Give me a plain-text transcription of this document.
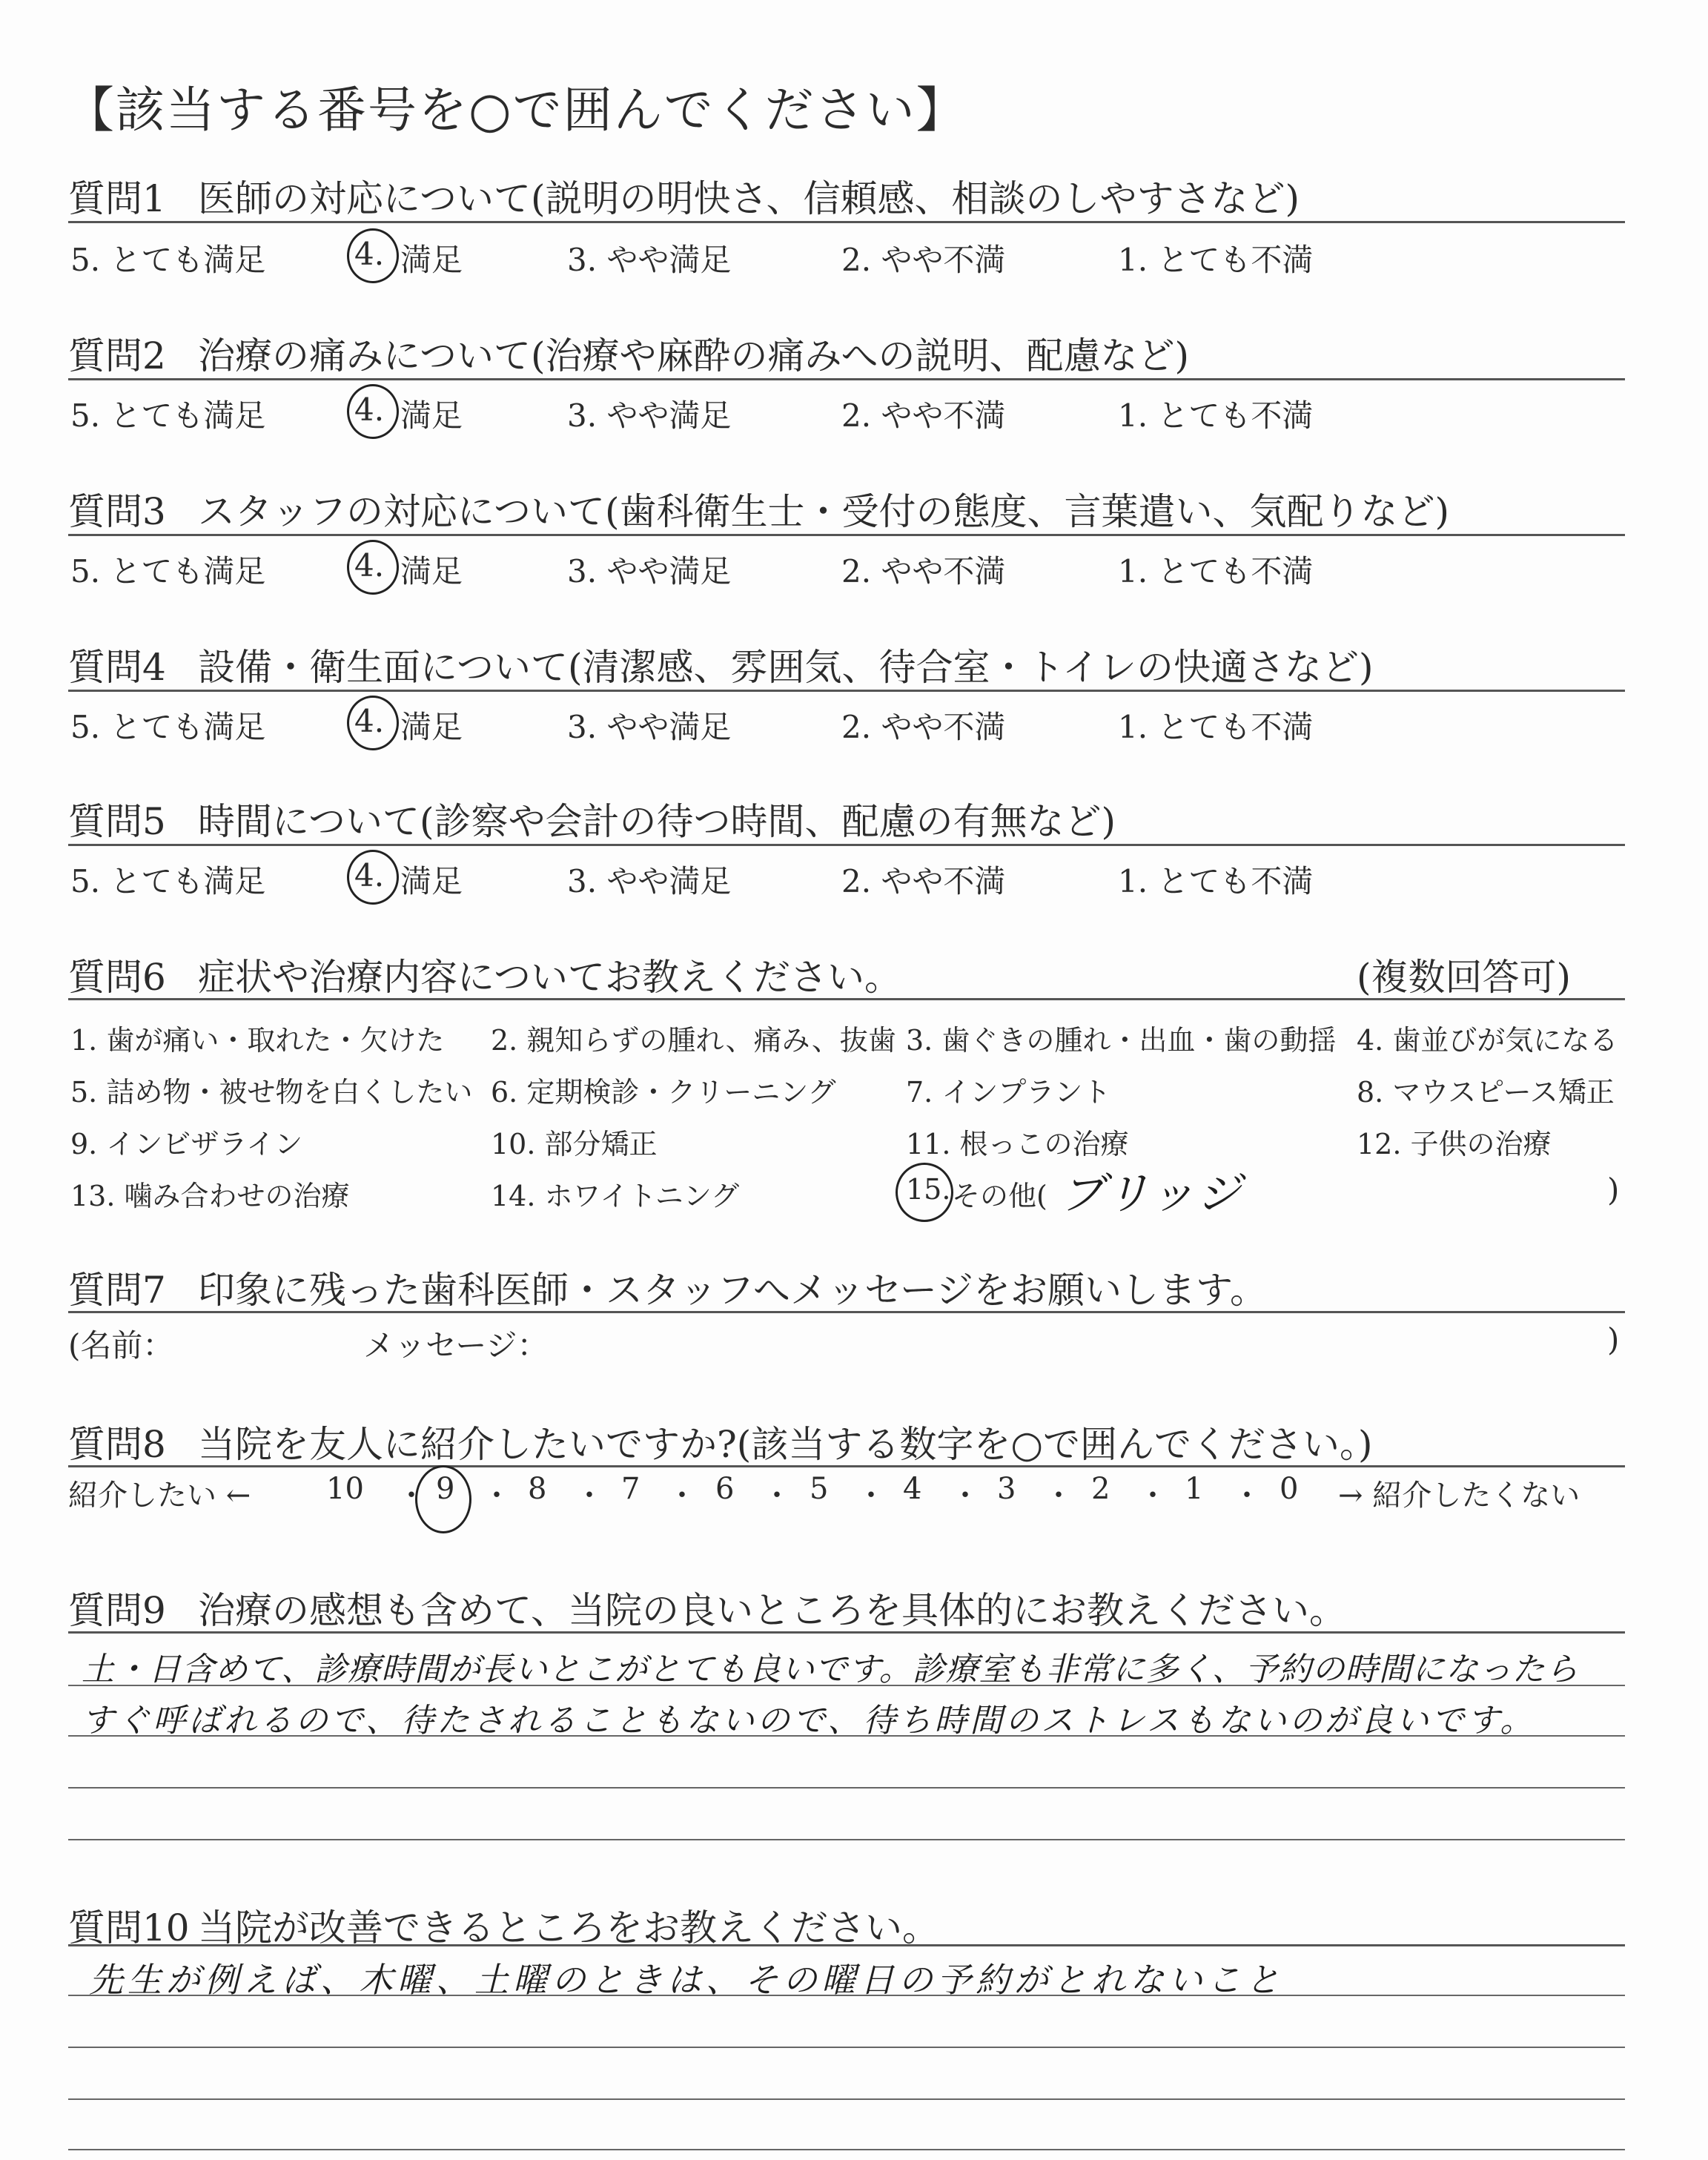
【該当する番号を○で囲んでください】
質問1 医師の対応について(説明の明快さ、信頼感、相談のしやすさなど)
5. とても満足	4. 満足	3. やや満足	2. やや不満	1. とても不満
質問2 治療の痛みについて(治療や麻酔の痛みへの説明、配慮など)
5. とても満足	4. 満足	3. やや満足	2. やや不満	1. とても不満
質問3 スタッフの対応について(歯科衛生士・受付の態度、言葉遣い、気配りなど)
5. とても満足	4. 満足	3. やや満足	2. やや不満	1. とても不満
質問4 設備・衛生面について(清潔感、雰囲気、待合室・トイレの快適さなど)
5. とても満足	4. 満足	3. やや満足	2. やや不満	1. とても不満
質問5 時間について(診察や会計の待つ時間、配慮の有無など)
5. とても満足	4. 満足	3. やや満足	2. やや不満	1. とても不満
質問6 症状や治療内容についてお教えください。	(複数回答可)
1. 歯が痛い・取れた・欠けた 2. 親知らずの腫れ、痛み、抜歯 3. 歯ぐきの腫れ・出血・歯の動揺 4. 歯並びが気になる
5. 詰め物・被せ物を白くしたい 6. 定期検診・クリーニング 7. インプラント	8. マウスピース矯正
9. インビザライン	10. 部分矯正	11. 根っこの治療	12. 子供の治療
13. 噛み合わせの治療	14. ホワイトニング	15. その他( ブリッジ	)
質問7 印象に残った歯科医師・スタッフへメッセージをお願いします。
(名前：	メッセージ：	)
質問8 当院を友人に紹介したいですか?(該当する数字を○で囲んでください。)
紹介したい ←	10 ・ 9 ・ 8 ・ 7 ・ 6 ・ 5 ・ 4 ・ 3 ・ 2 ・ 1 ・ 0 → 紹介したくない
質問9 治療の感想も含めて、当院の良いところを具体的にお教えください。
土・日含めて、診療時間が長いとこがとても良いです。診療室も非常に多く、予約の時間になったら
すぐ呼ばれるので、待たされることもないので、待ち時間のストレスもないのが良いです。
質問10 当院が改善できるところをお教えください。
先生が例えば、木曜、土曜のときは、その曜日の予約がとれないこと
